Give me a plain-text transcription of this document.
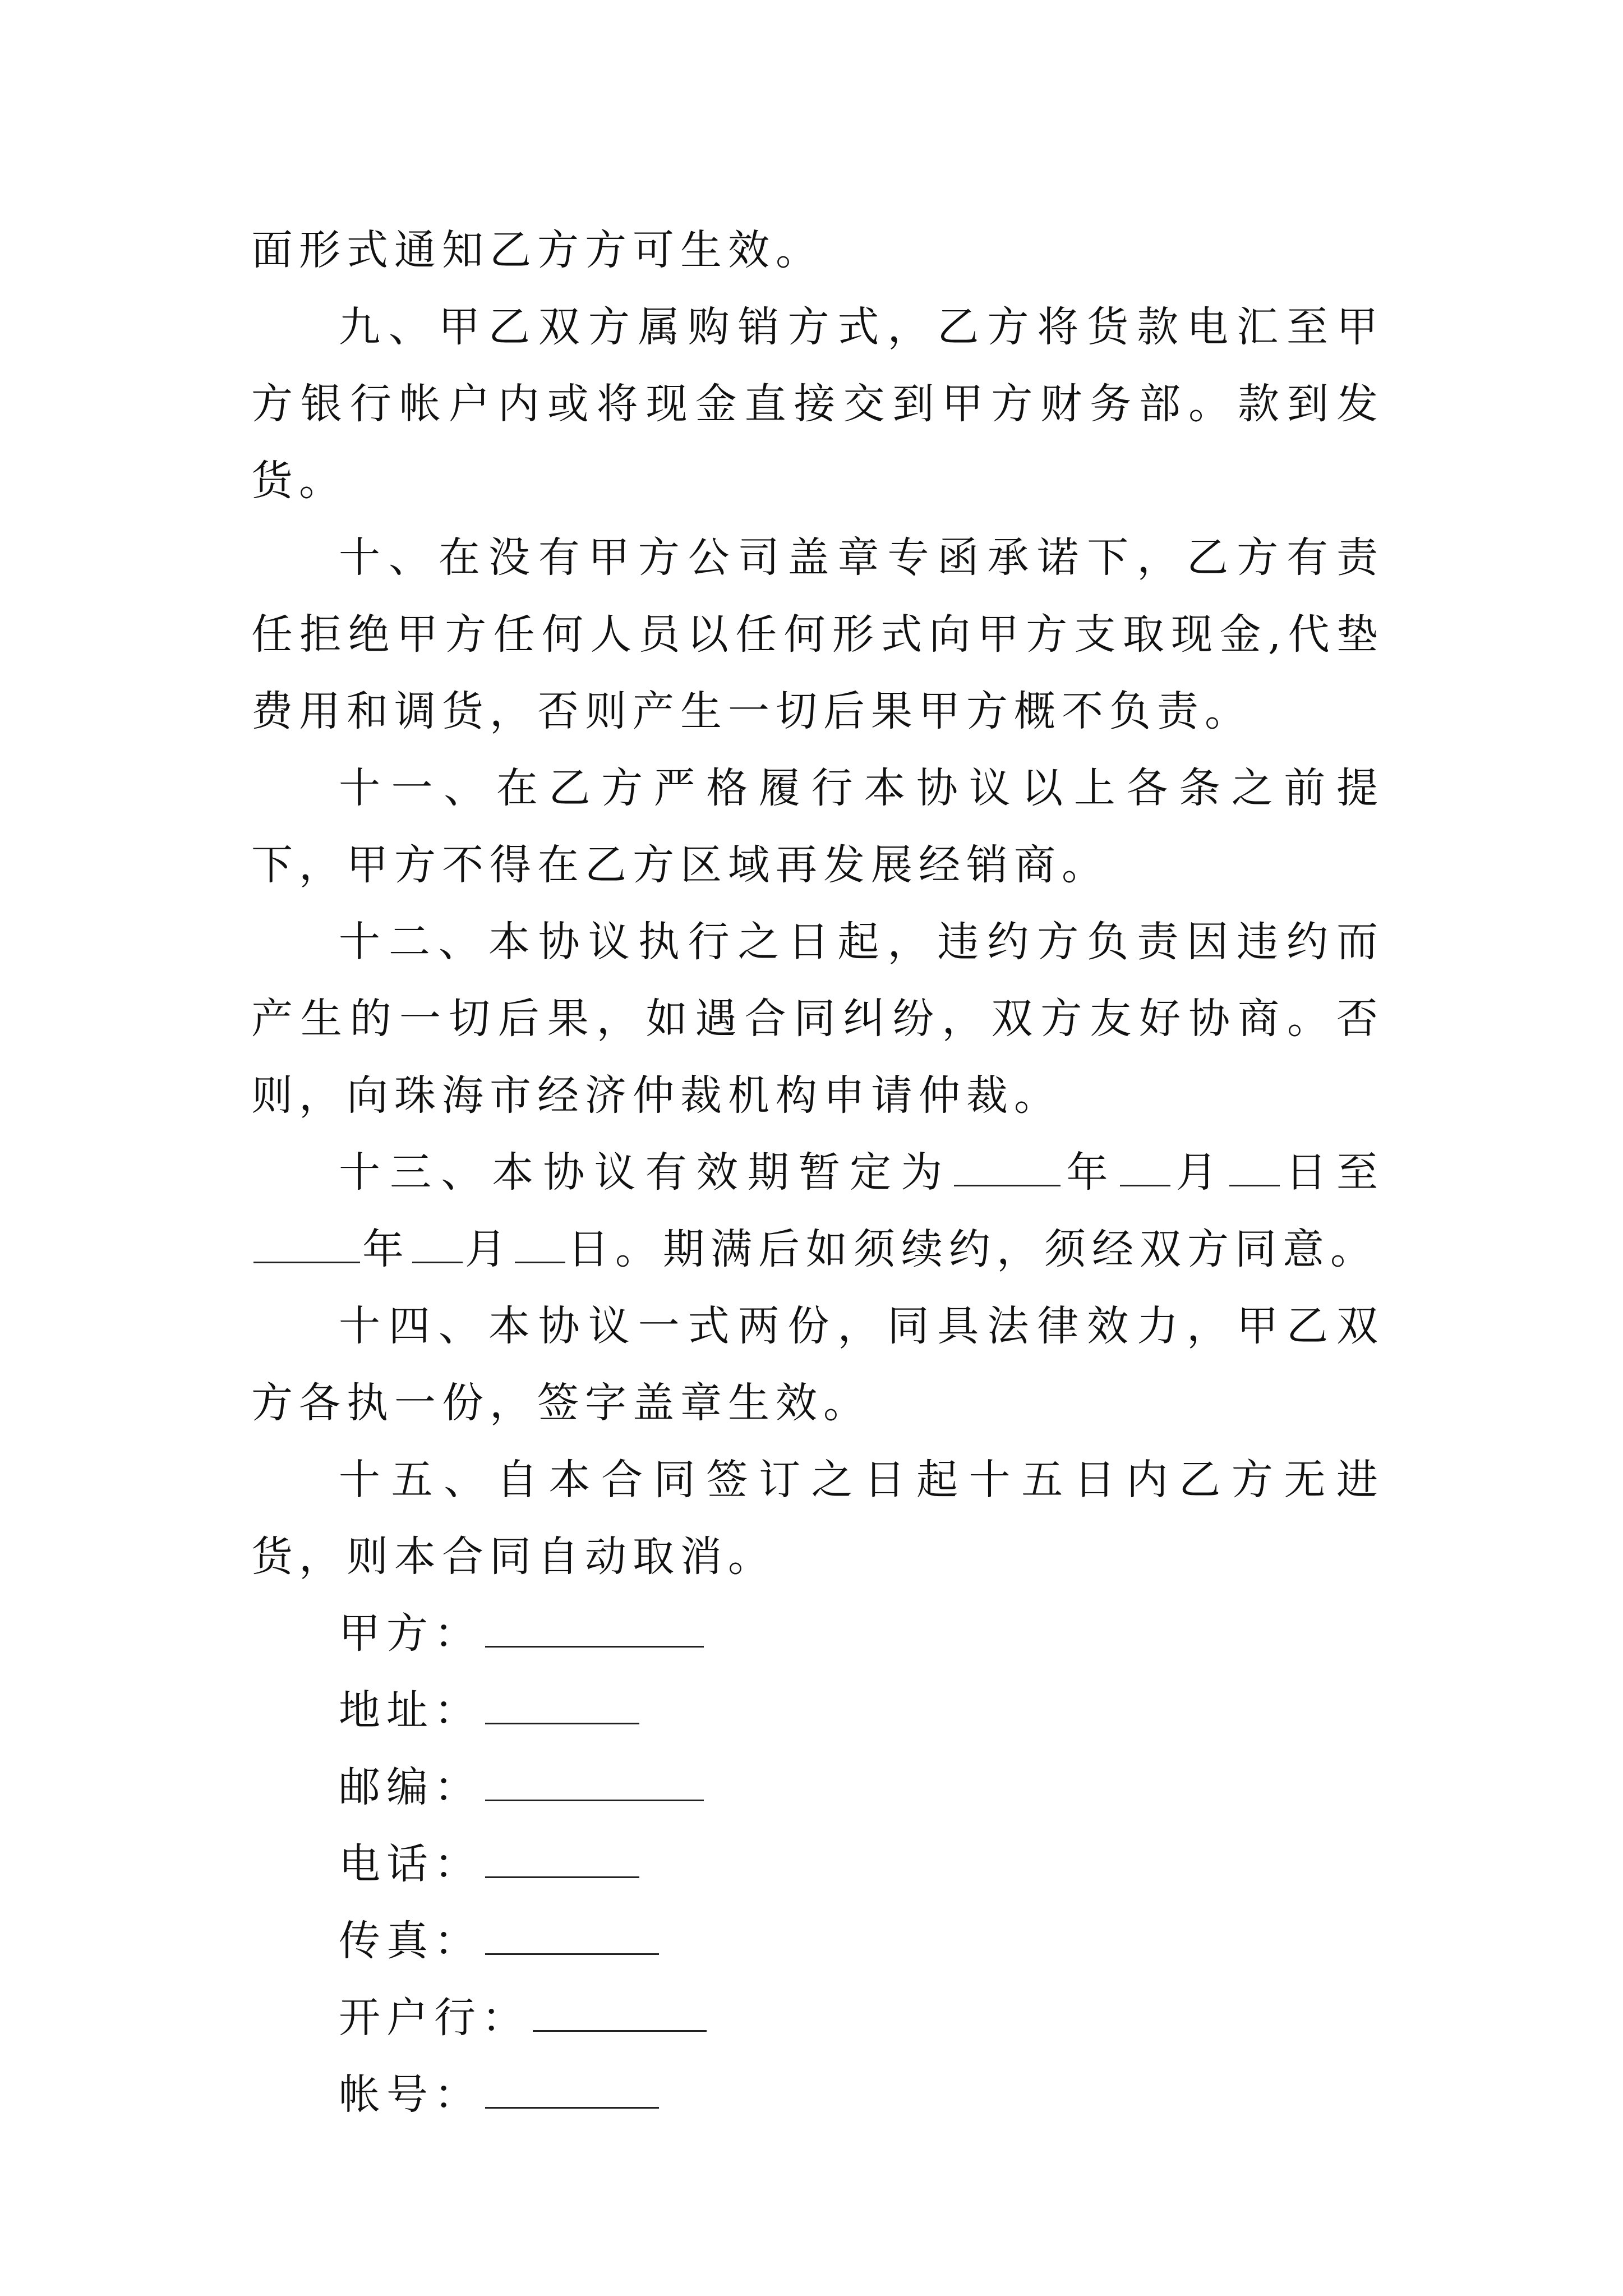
面形式通知乙方方可生效。

九、甲乙双方属购销方式，乙方将货款电汇至甲方银行帐户内或将现金直接交到甲方财务部。款到发货。

十、在没有甲方公司盖章专函承诺下，乙方有责任拒绝甲方任何人员以任何形式向甲方支取现金,代垫费用和调货，否则产生一切后果甲方概不负责。

十一、在乙方严格履行本协议以上各条之前提下，甲方不得在乙方区域再发展经销商。

十二、本协议执行之日起，违约方负责因违约而产生的一切后果，如遇合同纠纷，双方友好协商。否则，向珠海市经济仲裁机构申请仲裁。

十三、本协议有效期暂定为	年 月 日至年 月 日。期满后如须续约，须经双方同意。

十四、本协议一式两份，同具法律效力，甲乙双方各执一份，签字盖章生效。

十五、自本合同签订之日起十五日内乙方无进货，则本合同自动取消。

甲方：
地址：
邮编：
电话：
传真：
开户行：
帐号：
